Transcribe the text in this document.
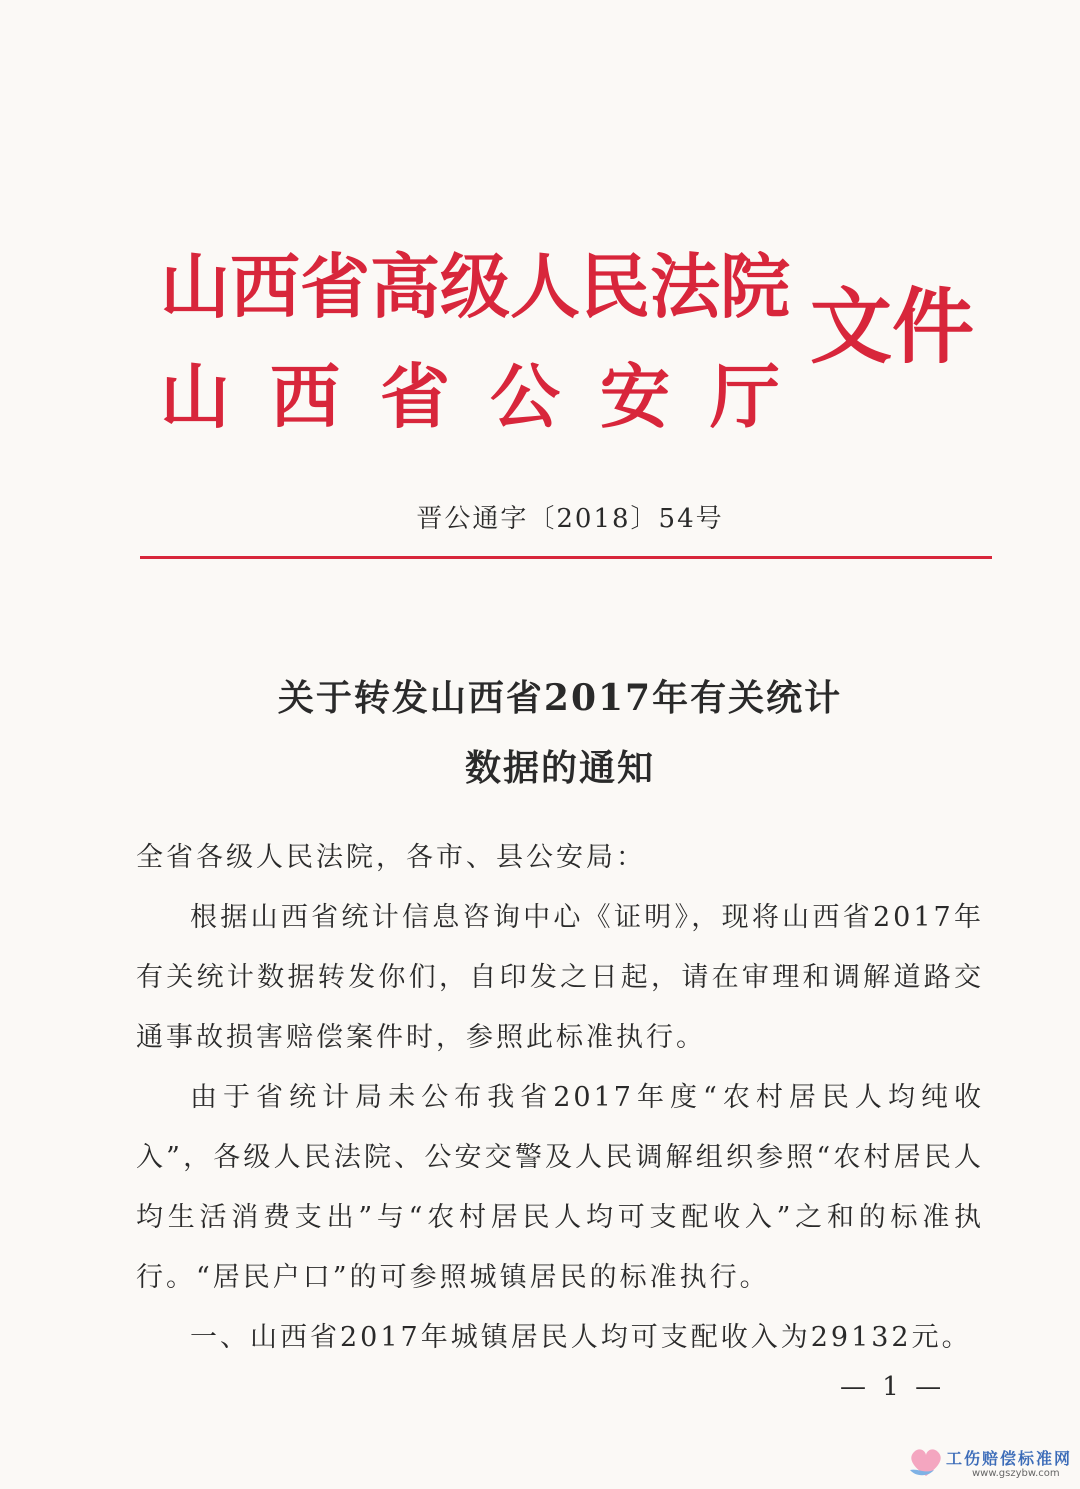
山西省高级人民法院
山西省公安厅
文件
晋公通字〔2018〕54号
关于转发山西省2017年有关统计
数据的通知

全省各级人民法院，各市、县公安局：

根据山西省统计信息咨询中心《证明》，现将山西省2017年有关统计数据转发你们，自印发之日起，请在审理和调解道路交通事故损害赔偿案件时，参照此标准执行。

由于省统计局未公布我省2017年度“农村居民人均纯收入”，各级人民法院、公安交警及人民调解组织参照“农村居民人均生活消费支出”与“农村居民人均可支配收入”之和的标准执行。“居民户口”的可参照城镇居民的标准执行。

一、山西省2017年城镇居民人均可支配收入为29132元。

— 1 —
工伤赔偿标准网
www.gszybw.com
